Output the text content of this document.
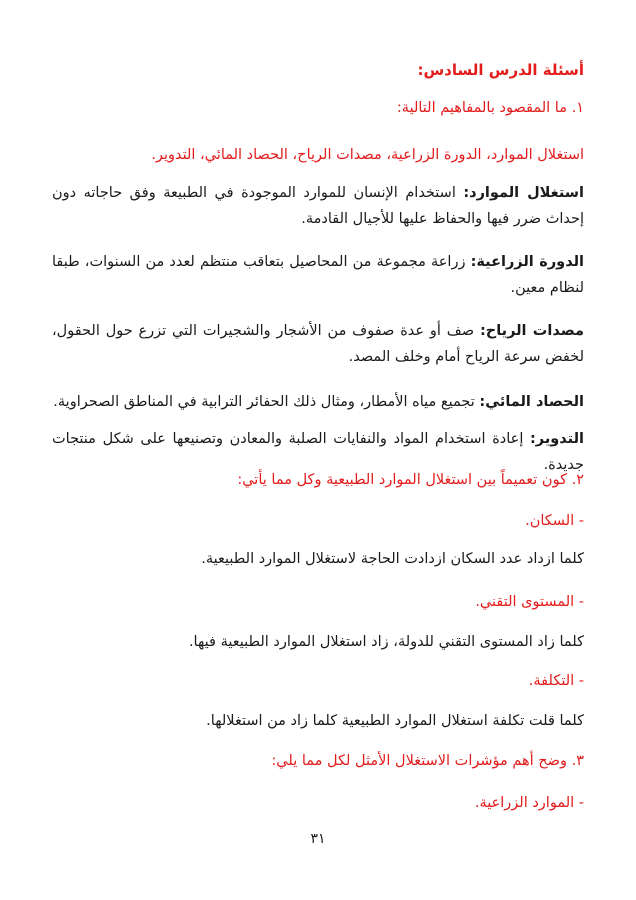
أسئلة الدرس السادس:

١. ما المقصود بالمفاهيم التالية:

استغلال الموارد، الدورة الزراعية، مصدات الرياح، الحصاد المائي، التدوير.

استغلال الموارد: استخدام الإنسان للموارد الموجودة في الطبيعة وفق حاجاته دون إحداث ضرر فيها والحفاظ عليها للأجيال القادمة.

الدورة الزراعية: زراعة مجموعة من المحاصيل بتعاقب منتظم لعدد من السنوات، طبقا لنظام معين.

مصدات الرياح: صف أو عدة صفوف من الأشجار والشجيرات التي تزرع حول الحقول، لخفض سرعة الرياح أمام وخلف المصد.

الحصاد المائي: تجميع مياه الأمطار، ومثال ذلك الحفائر الترابية في المناطق الصحراوية.

التدوير: إعادة استخدام المواد والنفايات الصلبة والمعادن وتصنيعها على شكل منتجات جديدة.

٢. كون تعميماً بين استغلال الموارد الطبيعية وكل مما يأتي:

- السكان.

كلما ازداد عدد السكان ازدادت الحاجة لاستغلال الموارد الطبيعية.

- المستوى التقني.

كلما زاد المستوى التقني للدولة، زاد استغلال الموارد الطبيعية فيها.

- التكلفة.

كلما قلت تكلفة استغلال الموارد الطبيعية كلما زاد من استغلالها.

٣. وضح أهم مؤشرات الاستغلال الأمثل لكل مما يلي:

- الموارد الزراعية.

٣١
